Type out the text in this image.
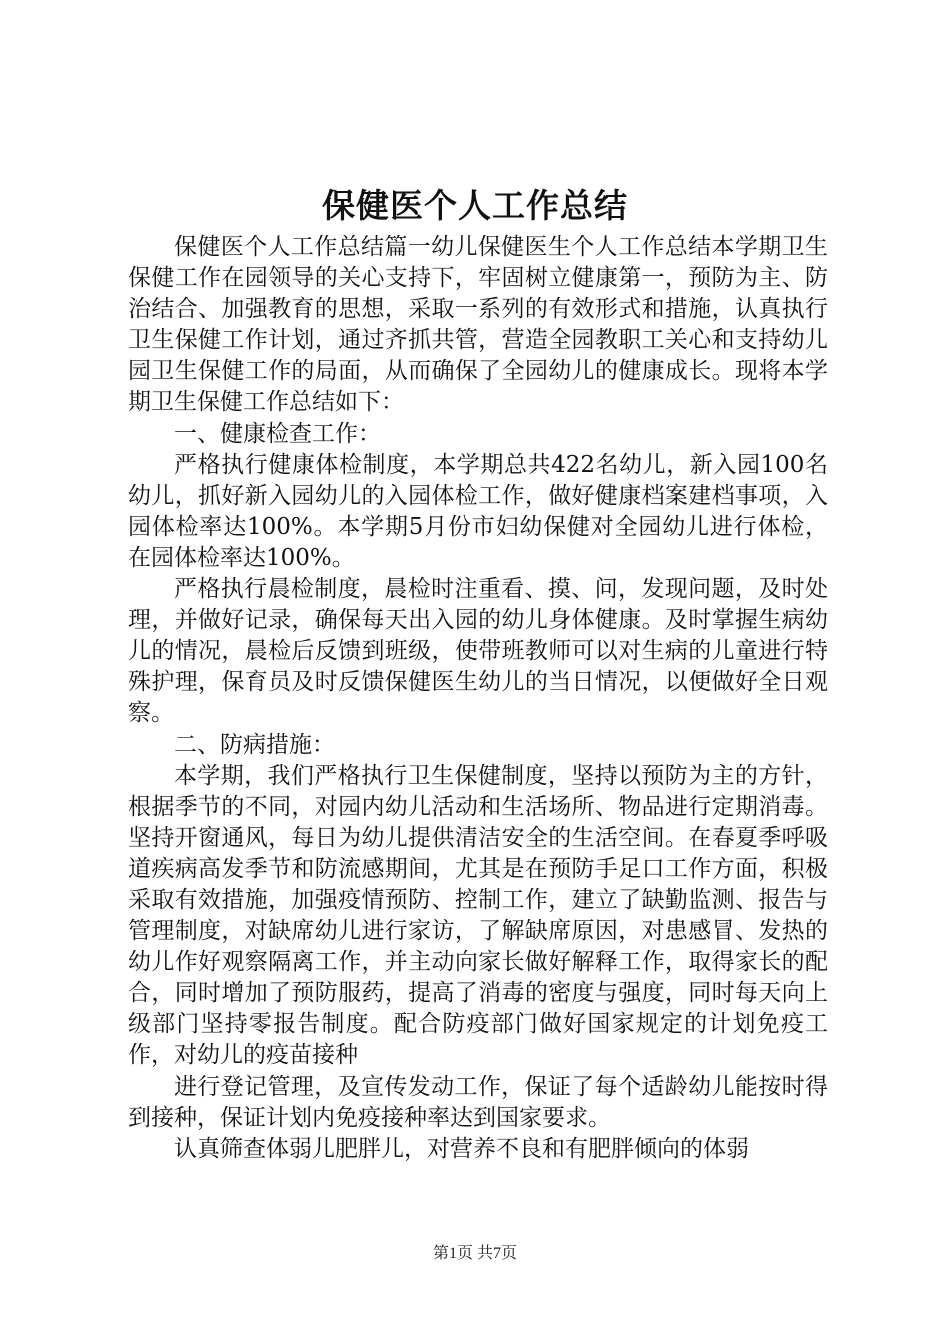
保健医个人工作总结

保健医个人工作总结篇一幼儿保健医生个人工作总结本学期卫生保健工作在园领导的关心支持下，牢固树立健康第一，预防为主、防治结合、加强教育的思想，采取一系列的有效形式和措施，认真执行卫生保健工作计划，通过齐抓共管，营造全园教职工关心和支持幼儿园卫生保健工作的局面，从而确保了全园幼儿的健康成长。现将本学期卫生保健工作总结如下：

一、健康检查工作：

严格执行健康体检制度，本学期总共422名幼儿，新入园100名幼儿，抓好新入园幼儿的入园体检工作，做好健康档案建档事项，入园体检率达100%。本学期5月份市妇幼保健对全园幼儿进行体检，在园体检率达100%。

严格执行晨检制度，晨检时注重看、摸、问，发现问题，及时处理，并做好记录，确保每天出入园的幼儿身体健康。及时掌握生病幼儿的情况，晨检后反馈到班级，使带班教师可以对生病的儿童进行特殊护理，保育员及时反馈保健医生幼儿的当日情况，以便做好全日观察。

二、防病措施：

本学期，我们严格执行卫生保健制度，坚持以预防为主的方针，根据季节的不同，对园内幼儿活动和生活场所、物品进行定期消毒。坚持开窗通风，每日为幼儿提供清洁安全的生活空间。在春夏季呼吸道疾病高发季节和防流感期间，尤其是在预防手足口工作方面，积极采取有效措施，加强疫情预防、控制工作，建立了缺勤监测、报告与管理制度，对缺席幼儿进行家访，了解缺席原因，对患感冒、发热的幼儿作好观察隔离工作，并主动向家长做好解释工作，取得家长的配合，同时增加了预防服药，提高了消毒的密度与强度，同时每天向上级部门坚持零报告制度。配合防疫部门做好国家规定的计划免疫工作，对幼儿的疫苗接种

进行登记管理，及宣传发动工作，保证了每个适龄幼儿能按时得到接种，保证计划内免疫接种率达到国家要求。

认真筛查体弱儿肥胖儿，对营养不良和有肥胖倾向的体弱

第1页 共7页
